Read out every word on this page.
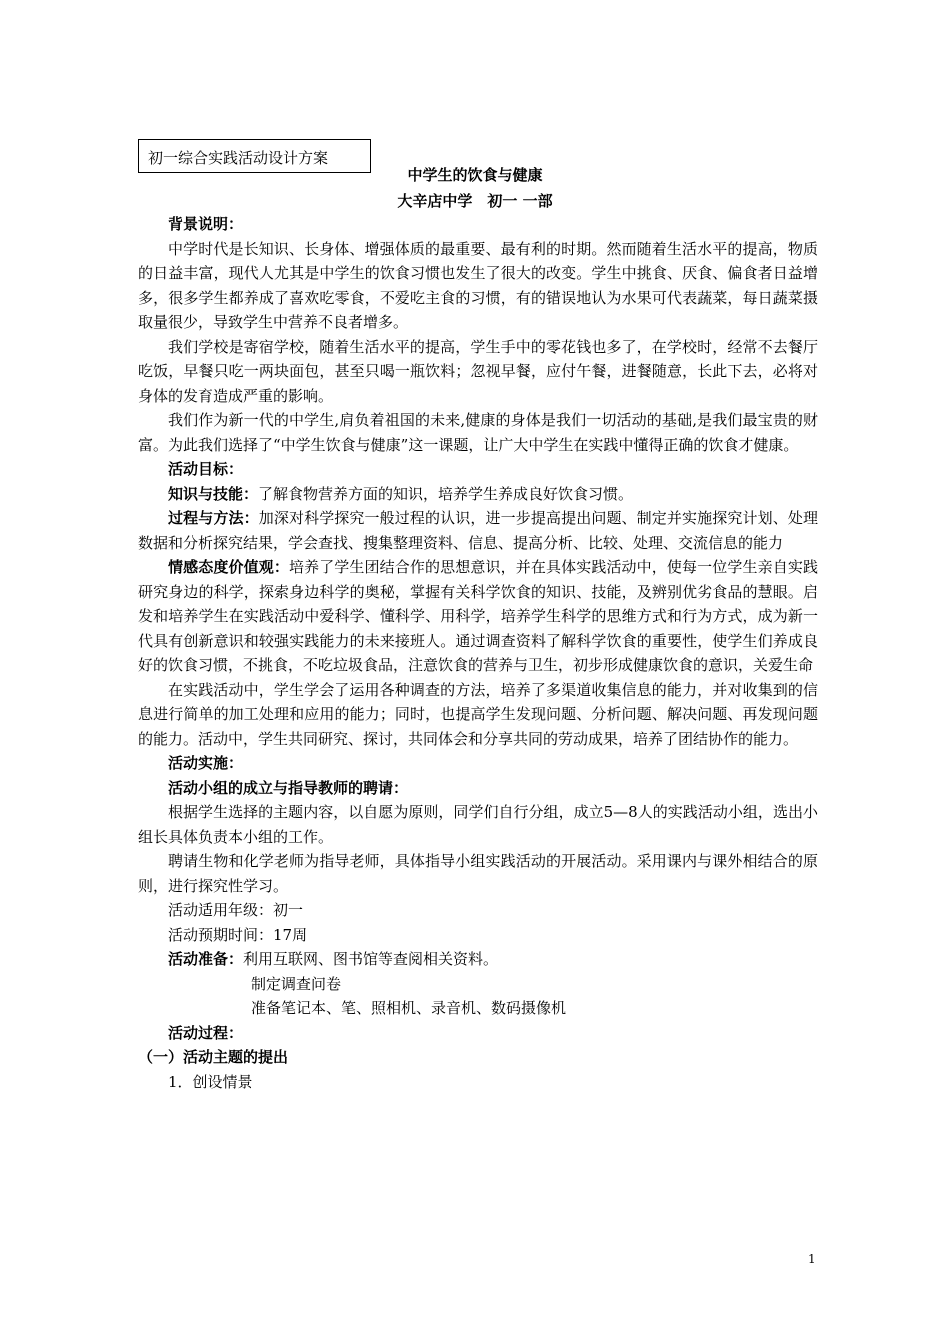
初一综合实践活动设计方案
中学生的饮食与健康
大辛店中学　初一 一部

背景说明：

中学时代是长知识、长身体、增强体质的最重要、最有利的时期。然而随着生活水平的提高，物质的日益丰富，现代人尤其是中学生的饮食习惯也发生了很大的改变。学生中挑食、厌食、偏食者日益增多，很多学生都养成了喜欢吃零食，不爱吃主食的习惯，有的错误地认为水果可代表蔬菜，每日蔬菜摄取量很少，导致学生中营养不良者增多。

我们学校是寄宿学校，随着生活水平的提高，学生手中的零花钱也多了，在学校时，经常不去餐厅吃饭，早餐只吃一两块面包，甚至只喝一瓶饮料；忽视早餐，应付午餐，进餐随意，长此下去，必将对身体的发育造成严重的影响。

我们作为新一代的中学生,肩负着祖国的未来,健康的身体是我们一切活动的基础,是我们最宝贵的财富。为此我们选择了“中学生饮食与健康”这一课题，让广大中学生在实践中懂得正确的饮食才健康。

活动目标：

知识与技能：了解食物营养方面的知识，培养学生养成良好饮食习惯。

过程与方法：加深对科学探究一般过程的认识，进一步提高提出问题、制定并实施探究计划、处理数据和分析探究结果，学会查找、搜集整理资料、信息、提高分析、比较、处理、交流信息的能力

情感态度价值观：培养了学生团结合作的思想意识，并在具体实践活动中，使每一位学生亲自实践研究身边的科学，探索身边科学的奥秘，掌握有关科学饮食的知识、技能，及辨别优劣食品的慧眼。启发和培养学生在实践活动中爱科学、懂科学、用科学，培养学生科学的思维方式和行为方式，成为新一代具有创新意识和较强实践能力的未来接班人。通过调查资料了解科学饮食的重要性，使学生们养成良好的饮食习惯，不挑食，不吃垃圾食品，注意饮食的营养与卫生，初步形成健康饮食的意识，关爱生命

在实践活动中，学生学会了运用各种调查的方法，培养了多渠道收集信息的能力，并对收集到的信息进行简单的加工处理和应用的能力；同时，也提高学生发现问题、分析问题、解决问题、再发现问题的能力。活动中，学生共同研究、探讨，共同体会和分享共同的劳动成果，培养了团结协作的能力。

活动实施：

活动小组的成立与指导教师的聘请：

根据学生选择的主题内容，以自愿为原则，同学们自行分组，成立5—8人的实践活动小组，选出小组长具体负责本小组的工作。

聘请生物和化学老师为指导老师，具体指导小组实践活动的开展活动。采用课内与课外相结合的原则，进行探究性学习。

活动适用年级：初一

活动预期时间：17周

活动准备：利用互联网、图书馆等查阅相关资料。

制定调查问卷

准备笔记本、笔、照相机、录音机、数码摄像机

活动过程：

（一）活动主题的提出

1．创设情景

1
